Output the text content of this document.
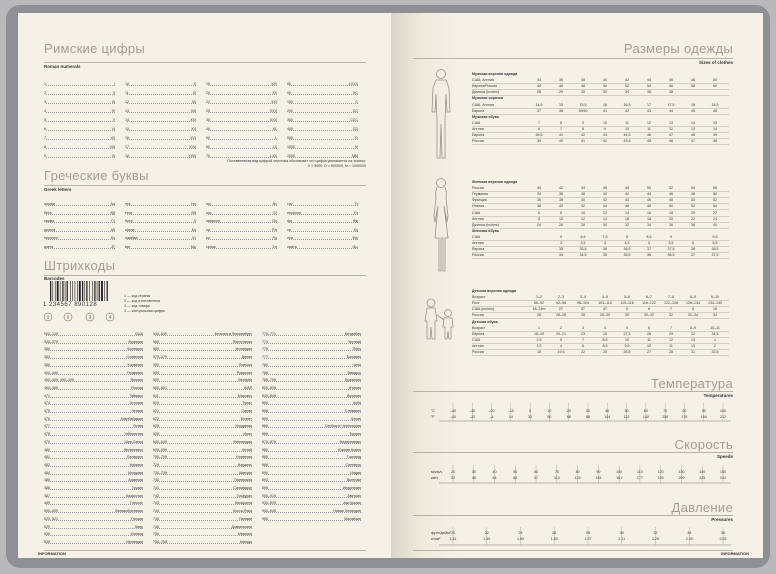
Римские цифры
Roman numerals
1	I
2	II
3	III
4	IV
5	V
6	VI
7	VII
8	VIII
9	IX
10	X
11	XI
12	XII
13	XIII
14	XIV
15	XV
16	XVI
17	XVII
18	XVIII
19	XIX
20	XX
21	XXI
25	XXV
30	XXX
40	XL
50	L
60	LX
70	LXX
80	LXXX
90	XC
100	C
200	CC
300	CCC
400	CD
500	D
1000	M
2000	MM
Поставленная над цифрой черточка обозначает что цифра умножается на тысячу:
V = 5000, D = 500000, M = 1000000
Греческие буквы
Greek letters
альфа	Αα
бета	Ββ
гамма	Γγ
дельта	Δδ
эпсилон	Εε
дзета	Ζζ
эта	Ηη
тета	Θθ
йота	Ιι
каппа	Κκ
ламбда	Λλ
мю	Μμ
ню	Νν
кси	Ξξ
омикрон	Οο
пи	Ππ
ро	Ρρ
сигма	Σσ
тау	Ττ
ипсилон	Υυ
фи	Φφ
хи	Χχ
пси	Ψψ
омега	Ωω
Штрихкоды
Barcodes
1 234567 890128
1	2	3	4
1 — код страны
2 — код изготовителя
3 — код товара
4 — контрольная цифра
000–139	США
300–379	Франция
380	Болгария
383	Словения
385	Хорватия
400–440	Германия
450–459, 490–499	Япония
460–469	Россия
471	Тайвань
474	Эстония
475	Латвия
476	Азербайджан
477	Литва
478	Узбекистан
479	Шри-Ланка
480	Филиппины
481	Беларусь
482	Украина
484	Молдова
485	Армения
486	Грузия
487	Казахстан
489	Гонконг
500–509	Великобритания
520, 521	Греция
529	Кипр
535	Мальта
539	Ирландия
540–549	Бельгия и Люксембург
560	Португалия
569	Исландия
570–579	Дания
590	Польша
594	Румыния
599	Венгрия
600–601	ЮАР
611	Марокко
619	Тунис
621	Сирия
622	Египет
625	Иордания
626	Иран
640–649	Финляндия
690–699	Китай
700–709	Норвегия
729	Израиль
730–739	Швеция
740	Гватемала
741	Сальвадор
742	Гондурас
743	Никарагуа
744	Коста-Рика
745	Панама
746	Доминикана
750	Мексика
754–755	Канада
770–771	Колумбия
773	Уругвай
775	Перу
777	Боливия
780	Чили
786	Эквадор
789–790	Бразилия
800–839	Италия
840–849	Испания
850	Куба
858	Словакия
859	Чехия
860	Сербия и Черногория
869	Турция
870–879	Нидерланды
880	Южная Корея
885	Таиланд
888	Сингапур
890	Индия
893	Вьетнам
899	Индонезия
900–919	Австрия
930–939	Австралия
940–949	Новая Зеландия
955	Малайзия
INFORMATION
Размеры одежды
Sizes of clothes
Мужская верхняя одежда
США, Англия	34	36	38	40	42	44	46	48	50
Европа/Россия	44	46	48	50	52	54	56	58	60
Джинсы (inches)	28	29	30	32	34	36	38
Мужские сорочки
США, Англия	14,5	15	15,5	16	16,5	17	17,5	18	18,5
Европа	37	38	39/40	41	42	43	44	45	46
Мужская обувь
США	7	8	9	10	11	12	13	14	15
Англия	6	7	8	9	10	11	12	13	14
Европа	39,5	41	42	43	44,5	46	47	48	49
Россия	39	40	41	42	43,5	45	46	47	48
Женская верхняя одежда
Россия	40	42	44	46	48	50	52	54	56
Германия	34	36	38	40	42	44	46	48	50
Франция	36	38	40	42	44	46	48	50	52
Италия	38	40	42	44	46	48	50	52	54
США	6	8	10	12	14	16	18	20	22
Англия	8	10	12	14	16	18	20	22	24
Джинсы (inches)	24	26	28	30	32	34	36	38	40
Женская обувь
США	5	6,5	7,5	8	8,5	9	9,5
Англия	3	3,5	4	4,5	5	5,5	6	6,5
Европа	35	35,5	36	36,5	37	37,5	38	38,5
Россия	34	34,5	35	35,5	36	36,5	37	37,5
Детская верхняя одежда
Возраст	1–2	2–3	3–4	4–5	5–6	6–7	7–8	8–9	9–10
Рост	86–92	92–98	98–104	104–110 110–116 116–122 122–128 128–134 134–140
США (inches)	18–24m	2T	3T	4T	5	6	7	8	10
Россия	26	26–28	28	28–30	30	30–32	32	32–34	34
Детская обувь
Возраст	1	2	3	4	5	6	7	8–9	10–11
Европа	18–19	20–21	23	26	27,5	28	29	32	34,5
США	2,5	5	7	8,5	10	11	12	13	1
Англия	1,5	4	6	8,5	9,5	10	11	13	2
Россия	18	19,5	22	25	26,5	27	28	31	33,5
Температура
Temperatures
°C	–40	–30	–20	–10	0	10	20	30	40	50	60	70	80	90	100
°F	–40	–22	–4	14	32	50	68	86	104	122	140	158	176	194	212
Скорость
Speeds
миль/ч 20	30	40	50	60	70	80	90	100	110	120	130	140	150
км/ч	32	48	64	80	97	113	129	145	161	177	193	209	225	241
Давление
Pressures
фунт/дюйм² 20	22	24	26	28	30	32	34	36
кг/см²	1,41	1,55	1,69	1,83	1,97	2,11	2,25	2,39	2,53
INFORMATION
